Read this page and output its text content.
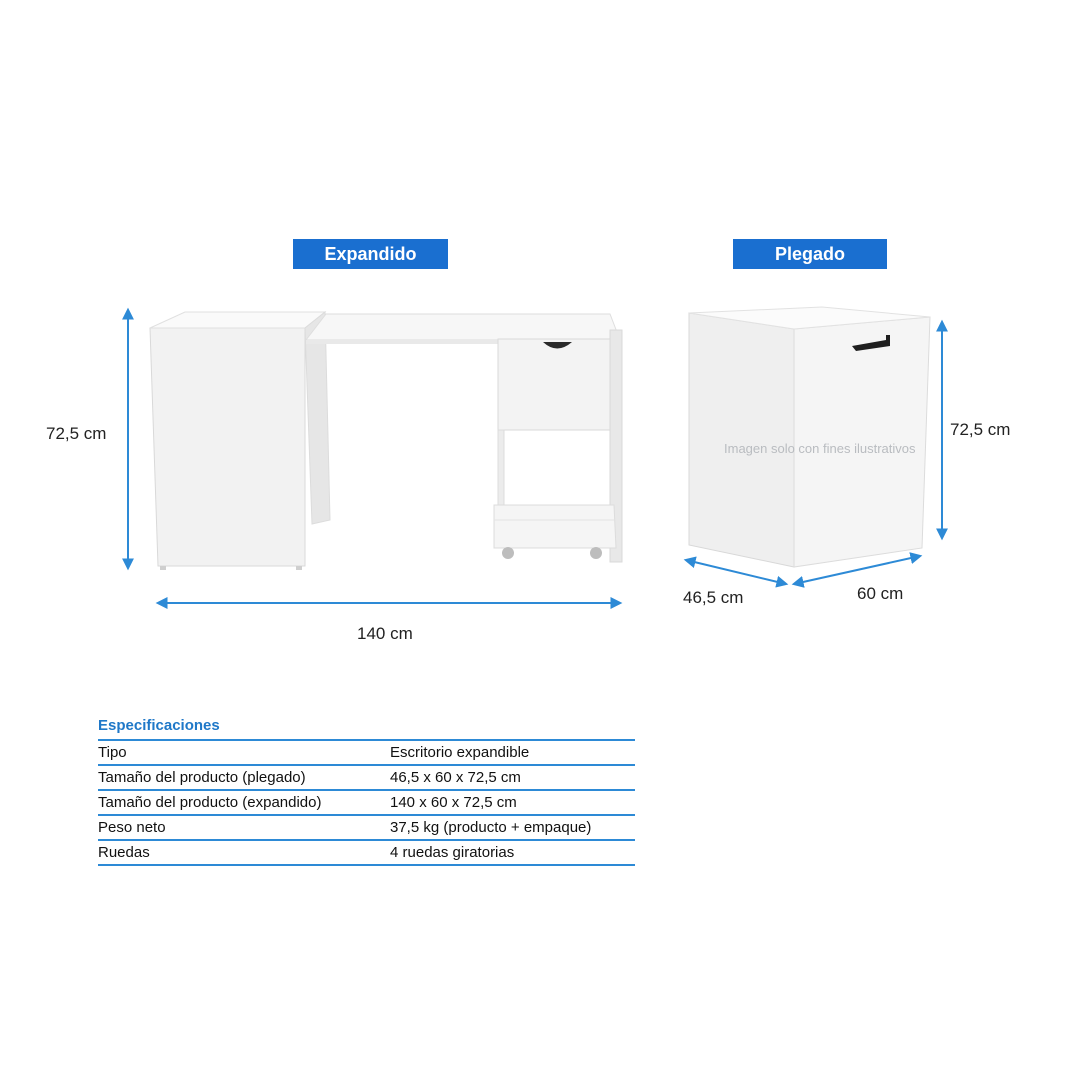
Expandido	Plegado
72,5 cm
140 cm
72,5 cm
46,5 cm	60 cm
Imagen solo con fines ilustrativos
Especificaciones
Tipo	Escritorio expandible
Tamaño del producto (plegado)	46,5 x 60 x 72,5 cm
Tamaño del producto (expandido)	140 x 60 x 72,5 cm
Peso neto	37,5 kg (producto + empaque)
Ruedas	4 ruedas giratorias
